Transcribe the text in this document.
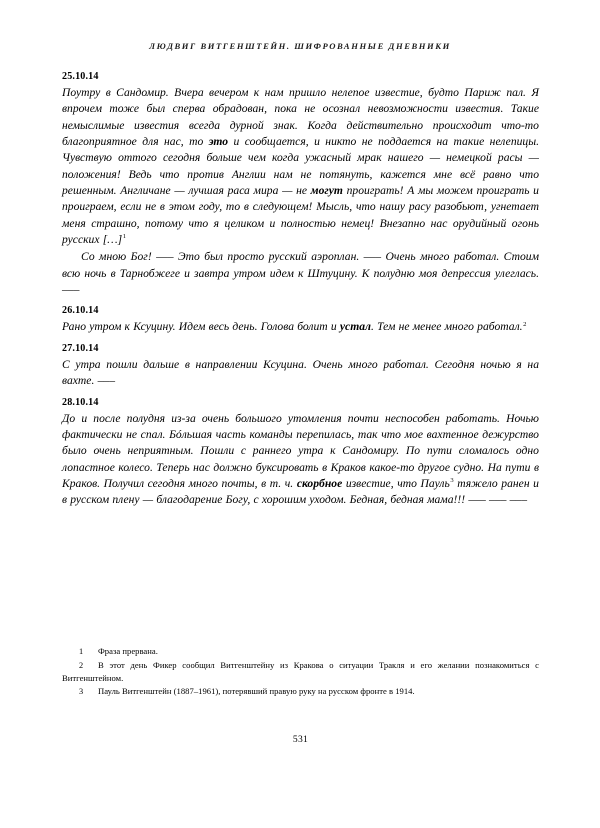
ЛЮДВИГ ВИТГЕНШТЕЙН. ШИФРОВАННЫЕ ДНЕВНИКИ
25.10.14

Поутру в Сандомир. Вчера вечером к нам пришло нелепое известие, будто Париж пал. Я впрочем тоже был сперва обрадован, пока не осознал невозможности известия. Такие немыслимые известия всегда дурной знак. Когда действительно происходит что-то благоприятное для нас, то это и сообщается, и никто не поддается на такие нелепицы. Чувствую оттого сегодня больше чем когда ужасный мрак нашего — немецкой расы — положения! Ведь что против Англии нам не потянуть, кажется мне всё равно что решенным. Англичане — лучшая раса мира — не могут проиграть! А мы можем проиграть и проиграем, если не в этом году, то в следующем! Мысль, что нашу расу разобьют, угнетает меня страшно, потому что я целиком и полностью немец! Внезапно нас орудийный огонь русских […]$^1$

Со мною Бог! ––– Это был просто русский аэроплан. ––– Очень много работал. Стоим всю ночь в Тарнобжеге и завтра утром идем к Штуцину. К полудню моя депрессия улеглась. –––

26.10.14

Рано утром к Ксуцину. Идем весь день. Голова болит и устал. Тем не менее много работал.$^2$

27.10.14

С утра пошли дальше в направлении Ксуцина. Очень много работал. Сегодня ночью я на вахте. –––

28.10.14

До и после полудня из-за очень большого утомления почти неспособен работать. Ночью фактически не спал. Бóльшая часть команды перепилась, так что мое вахтенное дежурство было очень неприятным. Пошли с раннего утра к Сандомиру. По пути сломалось одно лопастное колесо. Теперь нас должно буксировать в Краков какое-то другое судно. На пути в Краков. Получил сегодня много почты, в т. ч. скорбное известие, что Пауль$^3$ тяжело ранен и в русском плену — благодарение Богу, с хорошим уходом. Бедная, бедная мама!!! ––– ––– –––

1 Фраза прервана.

2 В этот день Фикер сообщил Витгенштейну из Кракова о ситуации Тракля и его желании познакомиться с Витгенштейном.

3 Пауль Витгенштейн (1887–1961), потерявший правую руку на русском фронте в 1914.

531
